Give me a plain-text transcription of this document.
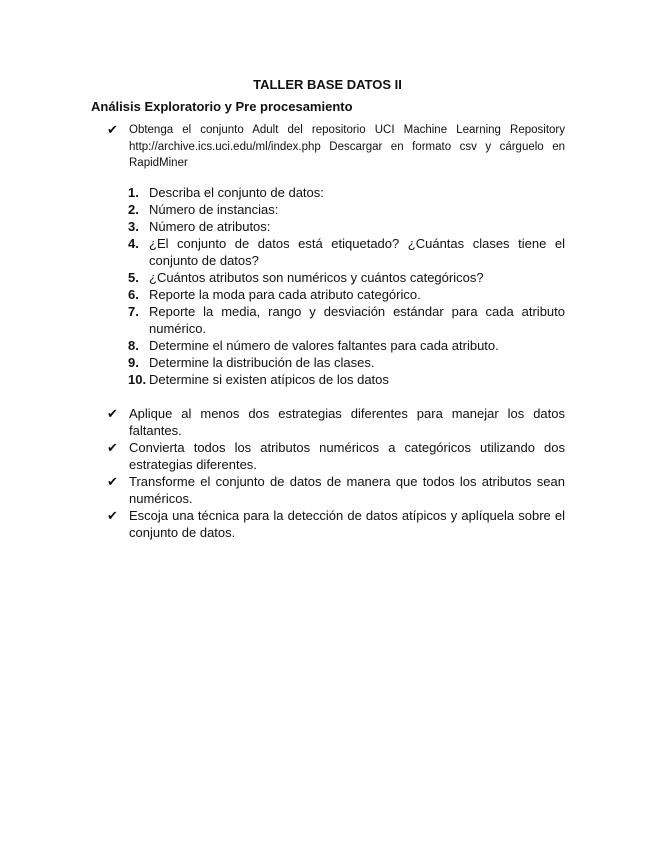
TALLER BASE DATOS II
Análisis Exploratorio y Pre procesamiento
✔ Obtenga el conjunto Adult del repositorio UCI Machine Learning Repository http://archive.ics.uci.edu/ml/index.php Descargar en formato csv y cárguelo en RapidMiner
1. Describa el conjunto de datos:
2. Número de instancias:
3. Número de atributos:
4. ¿El conjunto de datos está etiquetado? ¿Cuántas clases tiene el conjunto de datos?
5. ¿Cuántos atributos son numéricos y cuántos categóricos?
6. Reporte la moda para cada atributo categórico.
7. Reporte la media, rango y desviación estándar para cada atributo numérico.
8. Determine el número de valores faltantes para cada atributo.
9. Determine la distribución de las clases.
10. Determine si existen atípicos de los datos
✔ Aplique al menos dos estrategias diferentes para manejar los datos faltantes.
✔ Convierta todos los atributos numéricos a categóricos utilizando dos estrategias diferentes.
✔ Transforme el conjunto de datos de manera que todos los atributos sean numéricos.
✔ Escoja una técnica para la detección de datos atípicos y aplíquela sobre el conjunto de datos.
